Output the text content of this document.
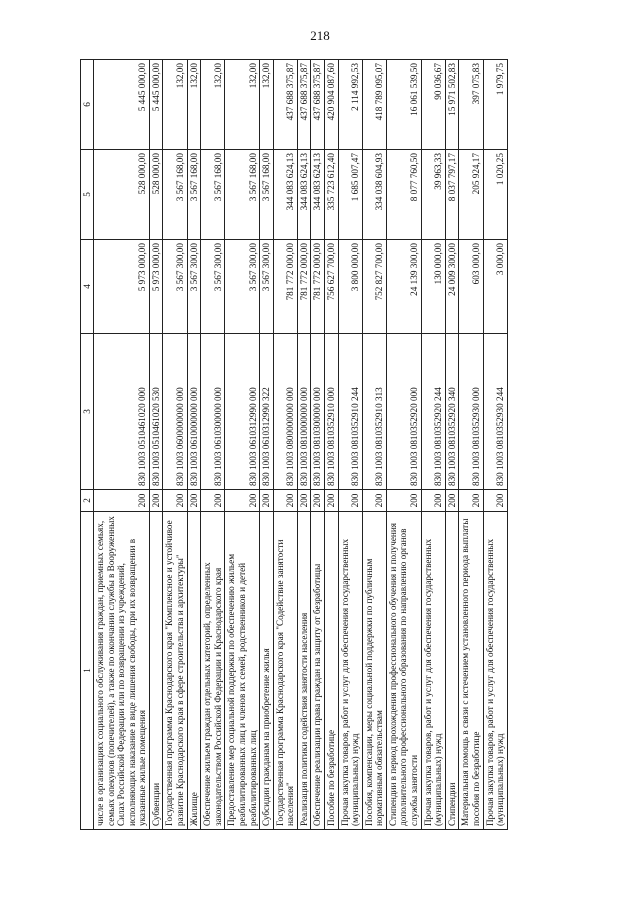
218
1	2	3	4	5	6
числе в организациях социального обслуживания граждан, приемных семьях, семьях опекунов (попечителей), а также по окончании службы в Вооруженных Силах Российской Федерации или по возвращении из учреждений, исполняющих наказание в виде лишения свободы, при их возвращении в указанные жилые помещения	200	830 1003 0510461020 000	5 973 000,00	528 000,00	5 445 000,00
Субвенции	200	830 1003 0510461020 530	5 973 000,00	528 000,00	5 445 000,00
Государственная программа Краснодарского края "Комплексное и устойчивое развитие Краснодарского края в сфере строительства и архитектуры"	200	830 1003 0600000000 000	3 567 300,00	3 567 168,00	132,00
Жилище	200	830 1003 0610000000 000	3 567 300,00	3 567 168,00	132,00
Обеспечение жильем граждан отдельных категорий, определенных законодательством Российской Федерации и Краснодарского края	200	830 1003 0610300000 000	3 567 300,00	3 567 168,00	132,00
Предоставление мер социальной поддержки по обеспечению жильем реабилитированных лиц и членов их семей, родственников и детей реабилитированных лиц	200	830 1003 0610312990 000	3 567 300,00	3 567 168,00	132,00
Субсидии гражданам на приобретение жилья	200	830 1003 0610312990 322	3 567 300,00	3 567 168,00	132,00
Государственная программа Краснодарского края "Содействие занятости населения"	200	830 1003 0800000000 000	781 772 000,00	344 083 624,13	437 688 375,87
Реализация политики содействия занятости населения	200	830 1003 0810000000 000	781 772 000,00	344 083 624,13	437 688 375,87
Обеспечение реализации права граждан на защиту от безработицы	200	830 1003 0810300000 000	781 772 000,00	344 083 624,13	437 688 375,87
Пособие по безработице	200	830 1003 0810352910 000	756 627 700,00	335 723 612,40	420 904 087,60
Прочая закупка товаров, работ и услуг для обеспечения государственных (муниципальных) нужд	200	830 1003 0810352910 244	3 800 000,00	1 685 007,47	2 114 992,53
Пособия, компенсации, меры социальной поддержки по публичным нормативным обязательствам	200	830 1003 0810352910 313	752 827 700,00	334 038 604,93	418 789 095,07
Стипендии в период прохождения профессионального обучения и получения дополнительного профессионального образования по направлению органов службы занятости	200	830 1003 0810352920 000	24 139 300,00	8 077 760,50	16 061 539,50
Прочая закупка товаров, работ и услуг для обеспечения государственных (муниципальных) нужд	200	830 1003 0810352920 244	130 000,00	39 963,33	90 036,67
Стипендии	200	830 1003 0810352920 340	24 009 300,00	8 037 797,17	15 971 502,83
Материальная помощь в связи с истечением установленного периода выплаты пособия по безработице	200	830 1003 0810352930 000	603 000,00	205 924,17	397 075,83
Прочая закупка товаров, работ и услуг для обеспечения государственных (муниципальных) нужд	200	830 1003 0810352930 244	3 000,00	1 020,25	1 979,75
